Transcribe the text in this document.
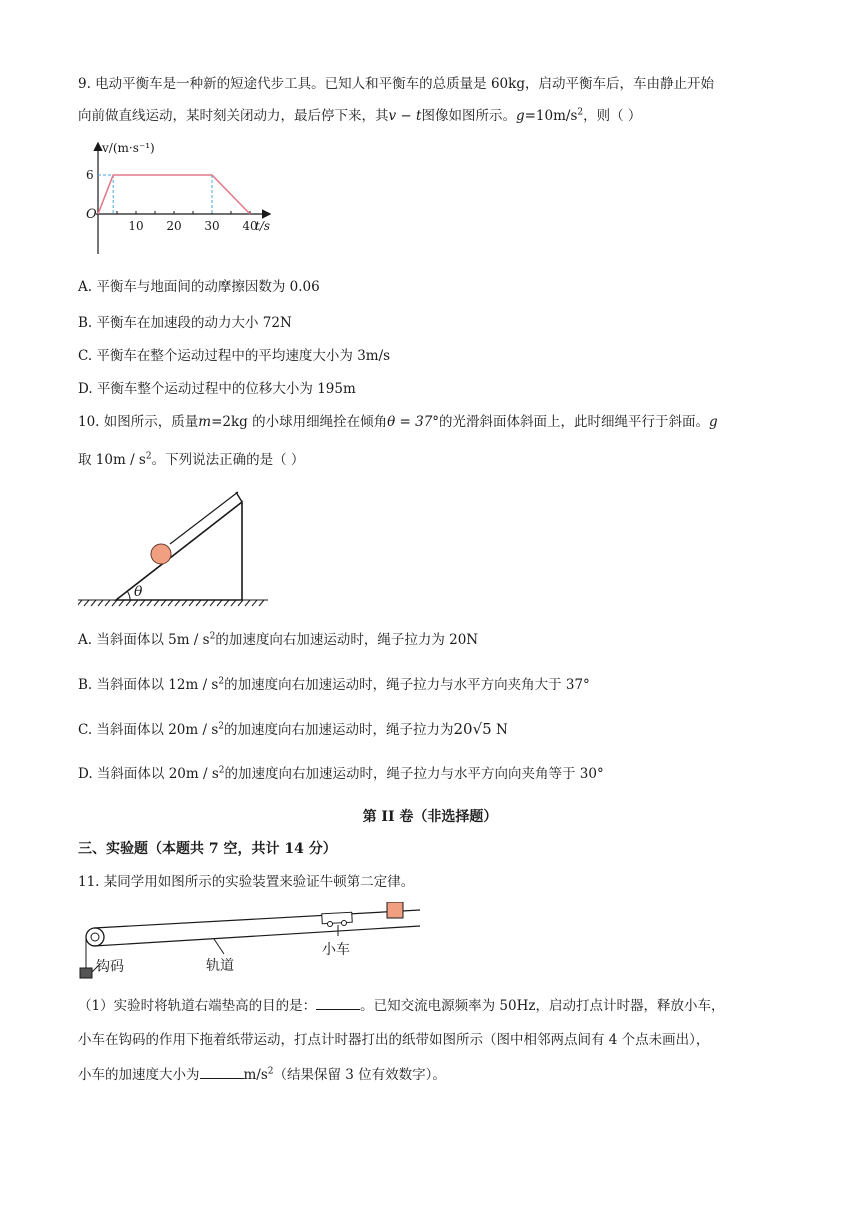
9. 电动平衡车是一种新的短途代步工具。已知人和平衡车的总质量是 60kg，启动平衡车后，车由静止开始
向前做直线运动，某时刻关闭动力，最后停下来，其v − t图像如图所示。$g=10m/s^2$，则（ ）
v/(m·s⁻¹)
t/s
O
10 20 30 40
6
A. 平衡车与地面间的动摩擦因数为 0.06
B. 平衡车在加速段的动力大小 72N
C. 平衡车在整个运动过程中的平均速度大小为 3m/s
D. 平衡车整个运动过程中的位移大小为 195m
10. 如图所示，质量m=2kg 的小球用细绳拴在倾角θ = 37°的光滑斜面体斜面上，此时细绳平行于斜面。g
取 $10m / s^2$。下列说法正确的是（ ）
θ
A. 当斜面体以 $5m / s^2$的加速度向右加速运动时，绳子拉力为 20N
B. 当斜面体以 $12m / s^2$的加速度向右加速运动时，绳子拉力与水平方向夹角大于 37°
C. 当斜面体以 $20m / s^2$的加速度向右加速运动时，绳子拉力为20√5 N
D. 当斜面体以 $20m / s^2$的加速度向右加速运动时，绳子拉力与水平方向向夹角等于 30°
第 II 卷（非选择题）
三、实验题（本题共 7 空，共计 14 分）
11. 某同学用如图所示的实验装置来验证牛顿第二定律。
钩码	轨道
小车
（1）实验时将轨道右端垫高的目的是：	。已知交流电源频率为 50Hz，启动打点计时器，释放小车，
小车在钩码的作用下拖着纸带运动，打点计时器打出的纸带如图所示（图中相邻两点间有 4 个点未画出），
小车的加速度大小为	$m/s^2$（结果保留 3 位有效数字）。
